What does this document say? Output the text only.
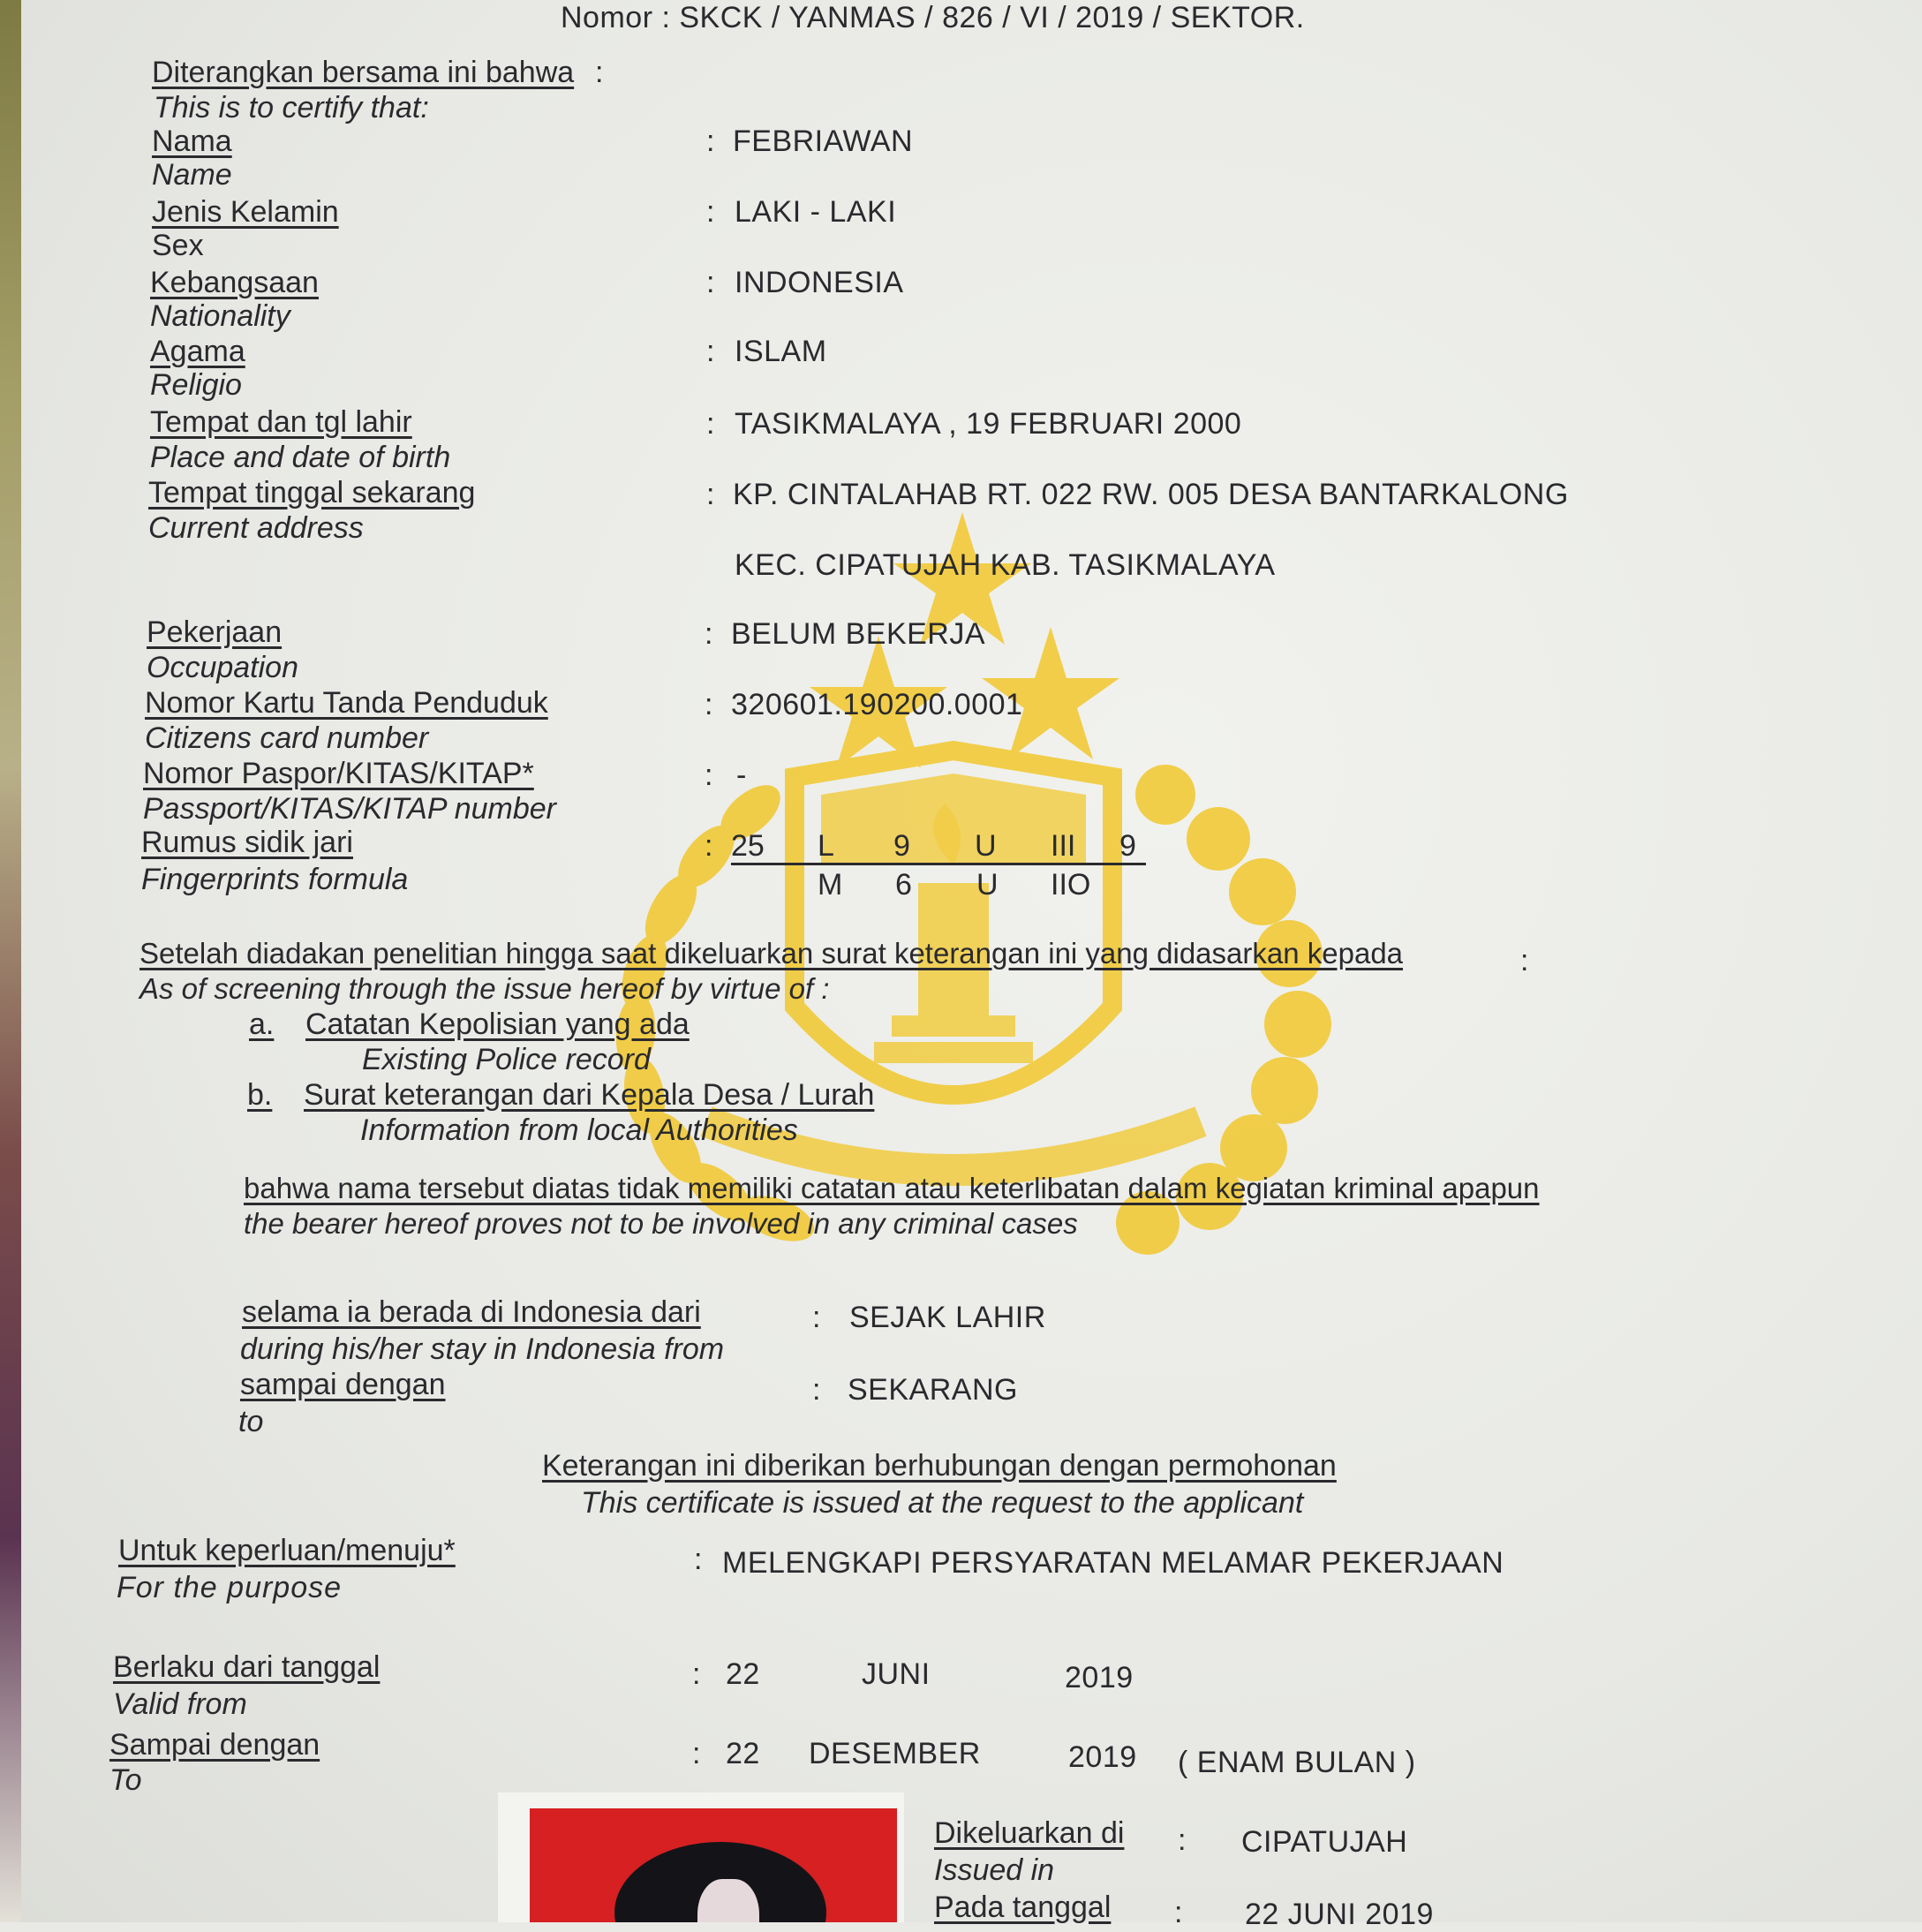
Nomor : SKCK / YANMAS / 826 / VI / 2019 / SEKTOR.
Diterangkan bersama ini bahwa :
This is to certify that:
Nama
Name
: FEBRIAWAN
Jenis Kelamin
Sex
: LAKI - LAKI
Kebangsaan
Nationality
: INDONESIA
Agama
Religio
: ISLAM
Tempat dan tgl lahir
Place and date of birth
: TASIKMALAYA , 19 FEBRUARI 2000
Tempat tinggal sekarang
Current address
: KP. CINTALAHAB RT. 022 RW. 005 DESA BANTARKALONG
KEC. CIPATUJAH KAB. TASIKMALAYA
Pekerjaan
Occupation
: BELUM BEKERJA
Nomor Kartu Tanda Penduduk
Citizens card number
: 320601.190200.0001
Nomor Paspor/KITAS/KITAP*
Passport/KITAS/KITAP number
: -
Rumus sidik jari
Fingerprints formula
: 25 L 9 U III 9
M 6 U IIO
Setelah diadakan penelitian hingga saat dikeluarkan surat keterangan ini yang didasarkan kepada	:
As of screening through the issue hereof by virtue of :
a. Catatan Kepolisian yang ada
Existing Police record
b. Surat keterangan dari Kepala Desa / Lurah
Information from local Authorities
bahwa nama tersebut diatas tidak memiliki catatan atau keterlibatan dalam kegiatan kriminal apapun
the bearer hereof proves not to be involved in any criminal cases
selama ia berada di Indonesia dari
during his/her stay in Indonesia from
: SEJAK LAHIR
sampai dengan
to
: SEKARANG
Keterangan ini diberikan berhubungan dengan permohonan
This certificate is issued at the request to the applicant
Untuk keperluan/menuju*
For the purpose
: MELENGKAPI PERSYARATAN MELAMAR PEKERJAAN
Berlaku dari tanggal
Valid from
: 22	JUNI	2019
Sampai dengan
To
: 22 DESEMBER	2019 ( ENAM BULAN )
Dikeluarkan di
Issued in
: CIPATUJAH
Pada tanggal : 22 JUNI 2019
